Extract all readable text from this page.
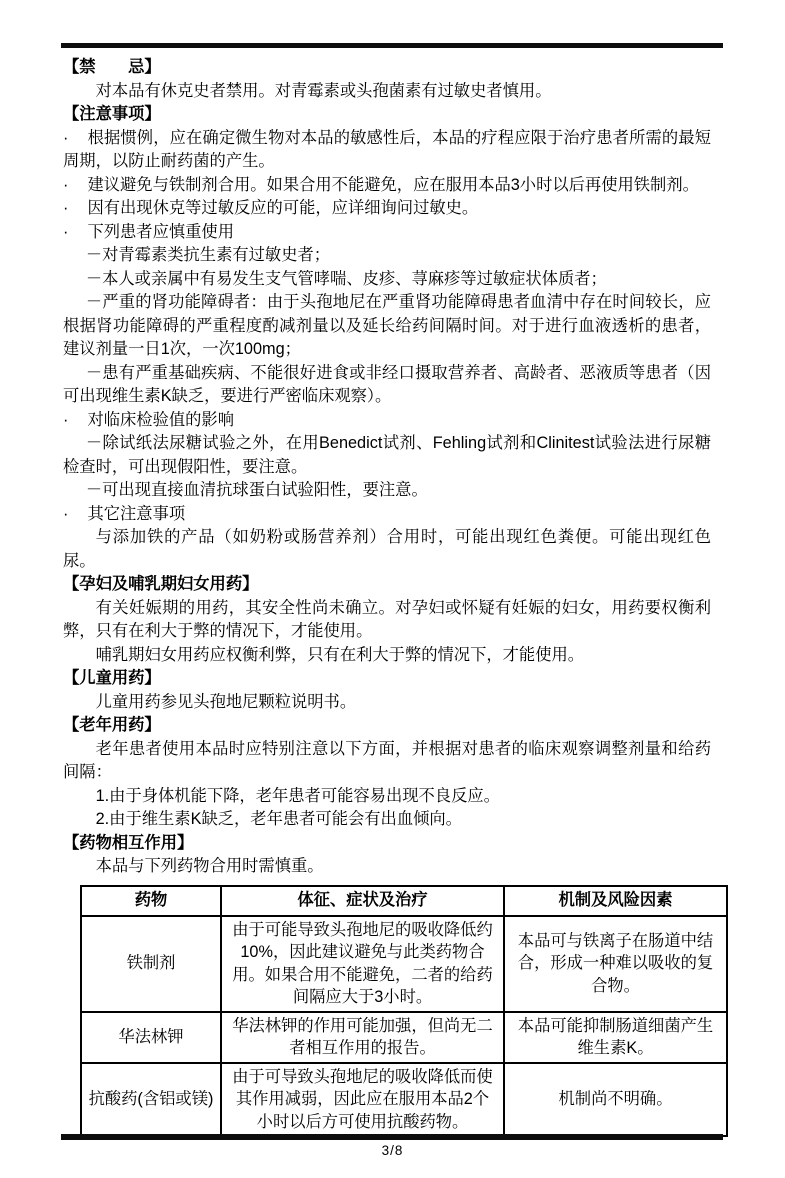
【禁　　忌】

对本品有休克史者禁用。对青霉素或头孢菌素有过敏史者慎用。

【注意事项】

· 根据惯例，应在确定微生物对本品的敏感性后，本品的疗程应限于治疗患者所需的最短周期，以防止耐药菌的产生。

· 建议避免与铁制剂合用。如果合用不能避免，应在服用本品3小时以后再使用铁制剂。

· 因有出现休克等过敏反应的可能，应详细询问过敏史。

· 下列患者应慎重使用

－对青霉素类抗生素有过敏史者；

－本人或亲属中有易发生支气管哮喘、皮疹、荨麻疹等过敏症状体质者；

－严重的肾功能障碍者：由于头孢地尼在严重肾功能障碍患者血清中存在时间较长，应根据肾功能障碍的严重程度酌减剂量以及延长给药间隔时间。对于进行血液透析的患者，建议剂量一日1次，一次100mg；

－患有严重基础疾病、不能很好进食或非经口摄取营养者、高龄者、恶液质等患者（因可出现维生素K缺乏，要进行严密临床观察）。

· 对临床检验值的影响

－除试纸法尿糖试验之外，在用Benedict试剂、Fehling试剂和Clinitest试验法进行尿糖检查时，可出现假阳性，要注意。

－可出现直接血清抗球蛋白试验阳性，要注意。

· 其它注意事项

与添加铁的产品（如奶粉或肠营养剂）合用时，可能出现红色粪便。可能出现红色尿。

【孕妇及哺乳期妇女用药】

有关妊娠期的用药，其安全性尚未确立。对孕妇或怀疑有妊娠的妇女，用药要权衡利弊，只有在利大于弊的情况下，才能使用。

哺乳期妇女用药应权衡利弊，只有在利大于弊的情况下，才能使用。

【儿童用药】

儿童用药参见头孢地尼颗粒说明书。

【老年用药】

老年患者使用本品时应特别注意以下方面，并根据对患者的临床观察调整剂量和给药间隔：

1.由于身体机能下降，老年患者可能容易出现不良反应。

2.由于维生素K缺乏，老年患者可能会有出血倾向。

【药物相互作用】

本品与下列药物合用时需慎重。

药物	体征、症状及治疗	机制及风险因素
铁制剂	由于可能导致头孢地尼的吸收降低约10%，因此建议避免与此类药物合用。如果合用不能避免，二者的给药间隔应大于3小时。	本品可与铁离子在肠道中结合，形成一种难以吸收的复合物。
华法林钾	华法林钾的作用可能加强，但尚无二者相互作用的报告。	本品可能抑制肠道细菌产生维生素K。
抗酸药(含铝或镁)	由于可导致头孢地尼的吸收降低而使其作用减弱，因此应在服用本品2个小时以后方可使用抗酸药物。	机制尚不明确。
3/8
